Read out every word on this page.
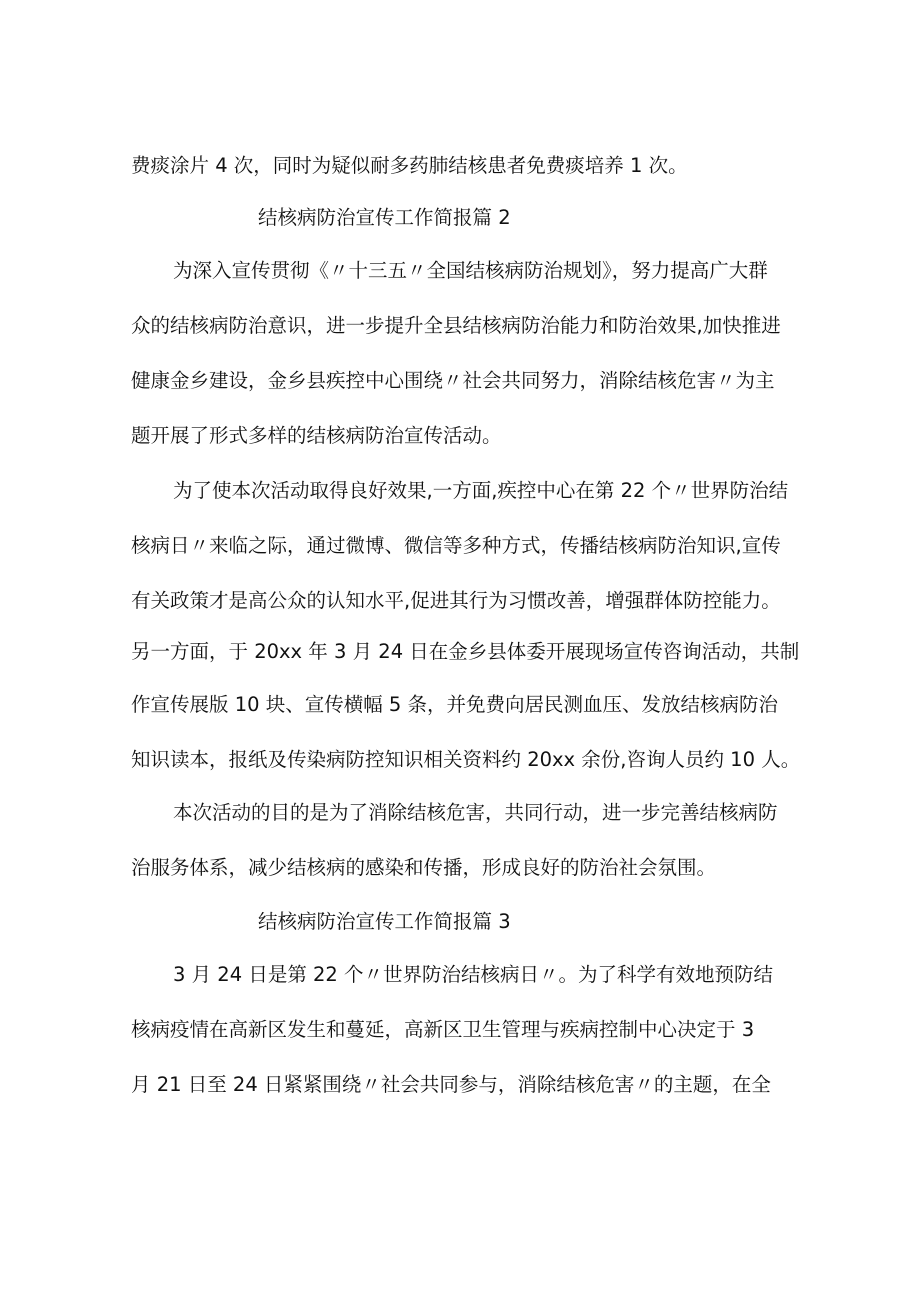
费痰涂片 4 次，同时为疑似耐多药肺结核患者免费痰培养 1 次。
结核病防治宣传工作简报篇 2
为深入宣传贯彻《〃十三五〃全国结核病防治规划》，努力提高广大群
众的结核病防治意识，进一步提升全县结核病防治能力和防治效果,加快推进
健康金乡建设，金乡县疾控中心围绕〃社会共同努力，消除结核危害〃为主
题开展了形式多样的结核病防治宣传活动。
为了使本次活动取得良好效果,一方面,疾控中心在第 22 个〃世界防治结
核病日〃来临之际，通过微博、微信等多种方式，传播结核病防治知识,宣传
有关政策才是高公众的认知水平,促进其行为习惯改善，增强群体防控能力。
另一方面，于 20xx 年 3 月 24 日在金乡县体委开展现场宣传咨询活动，共制
作宣传展版 10 块、宣传横幅 5 条，并免费向居民测血压、发放结核病防治
知识读本，报纸及传染病防控知识相关资料约 20xx 余份,咨询人员约 10 人。
本次活动的目的是为了消除结核危害，共同行动，进一步完善结核病防
治服务体系，减少结核病的感染和传播，形成良好的防治社会氛围。
结核病防治宣传工作简报篇 3
3 月 24 日是第 22 个〃世界防治结核病日〃。为了科学有效地预防结
核病疫情在高新区发生和蔓延，高新区卫生管理与疾病控制中心决定于 3
月 21 日至 24 日紧紧围绕〃社会共同参与，消除结核危害〃的主题，在全
